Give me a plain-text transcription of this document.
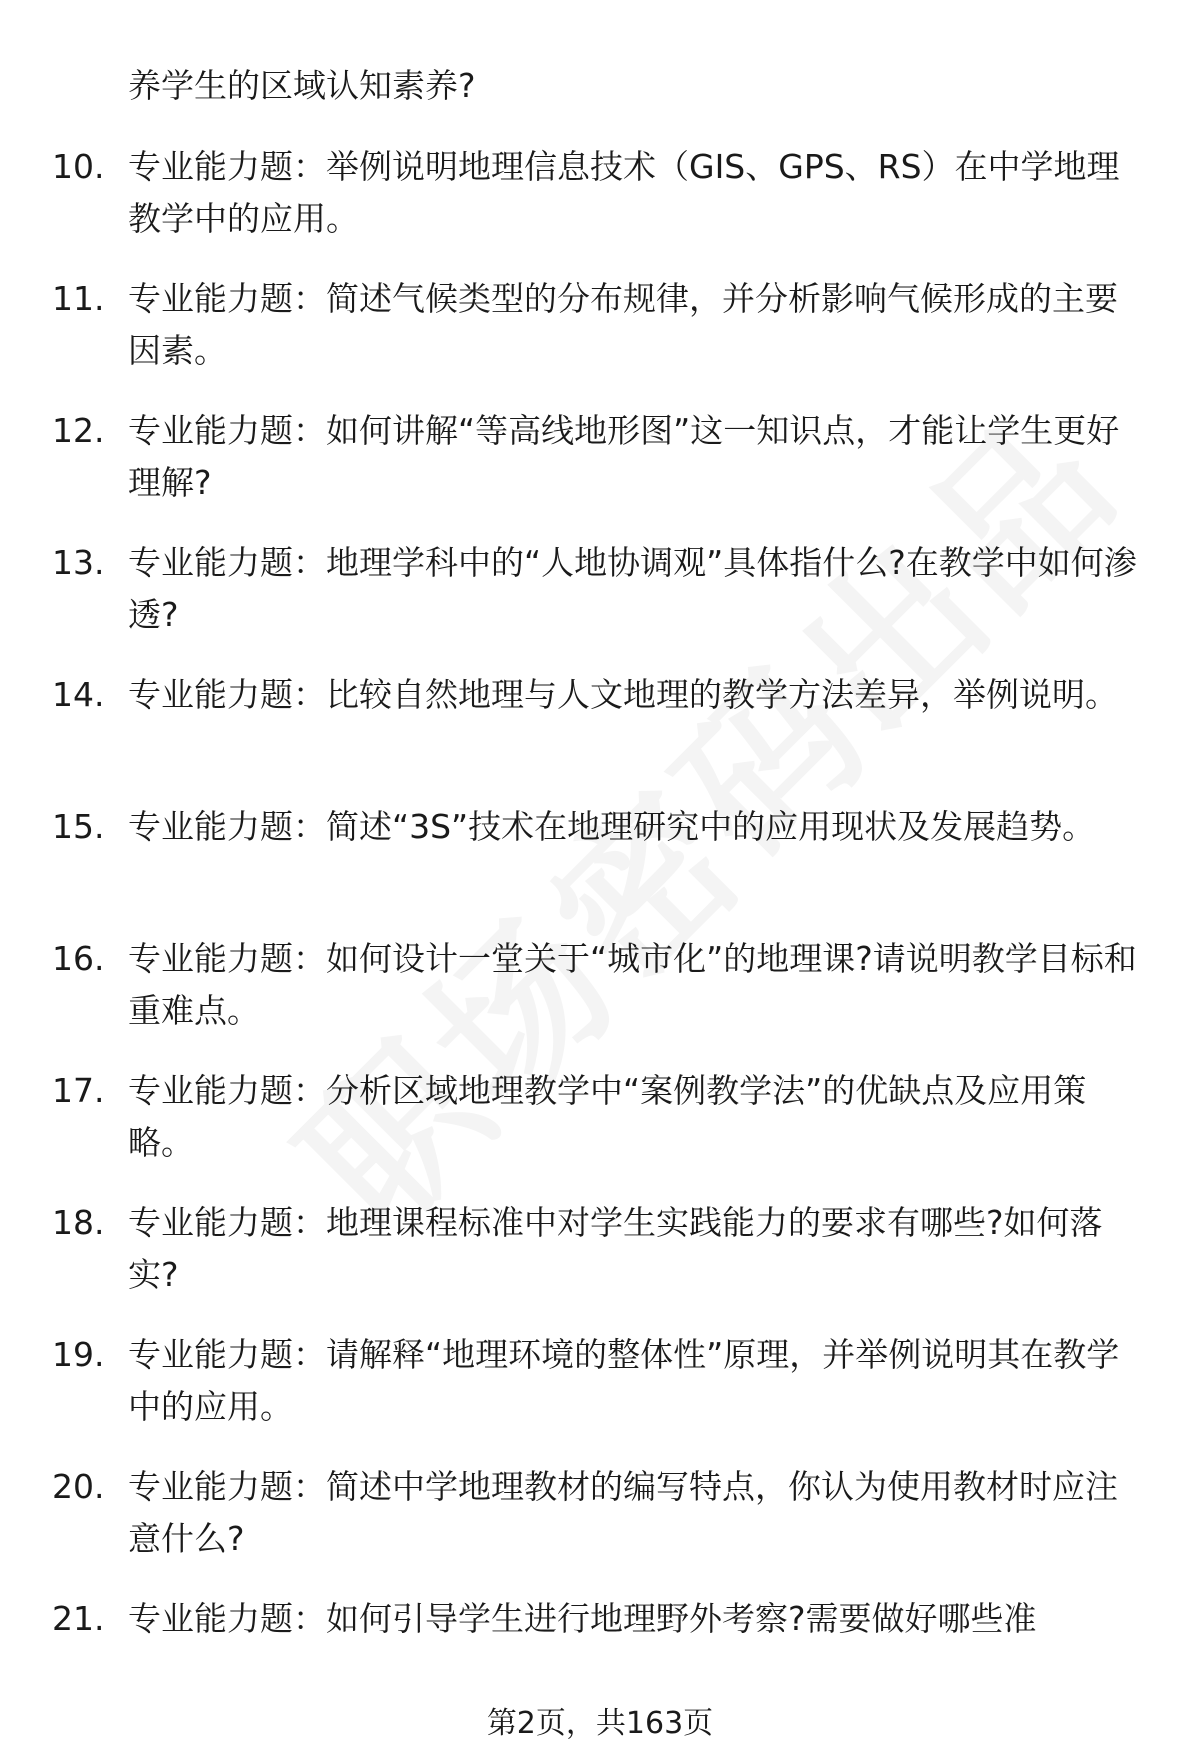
养学生的区域认知素养?
10. 专业能力题：举例说明地理信息技术（GIS、GPS、RS）在中学地理教学中的应用。
11. 专业能力题：简述气候类型的分布规律，并分析影响气候形成的主要因素。
12. 专业能力题：如何讲解“等高线地形图”这一知识点，才能让学生更好理解?
13. 专业能力题：地理学科中的“人地协调观”具体指什么?在教学中如何渗透?
14. 专业能力题：比较自然地理与人文地理的教学方法差异，举例说明。
15. 专业能力题：简述“3S”技术在地理研究中的应用现状及发展趋势。
16. 专业能力题：如何设计一堂关于“城市化”的地理课?请说明教学目标和重难点。
17. 专业能力题：分析区域地理教学中“案例教学法”的优缺点及应用策略。
18. 专业能力题：地理课程标准中对学生实践能力的要求有哪些?如何落实?
19. 专业能力题：请解释“地理环境的整体性”原理，并举例说明其在教学中的应用。
20. 专业能力题：简述中学地理教材的编写特点，你认为使用教材时应注意什么?
21. 专业能力题：如何引导学生进行地理野外考察?需要做好哪些准
第2页，共163页
